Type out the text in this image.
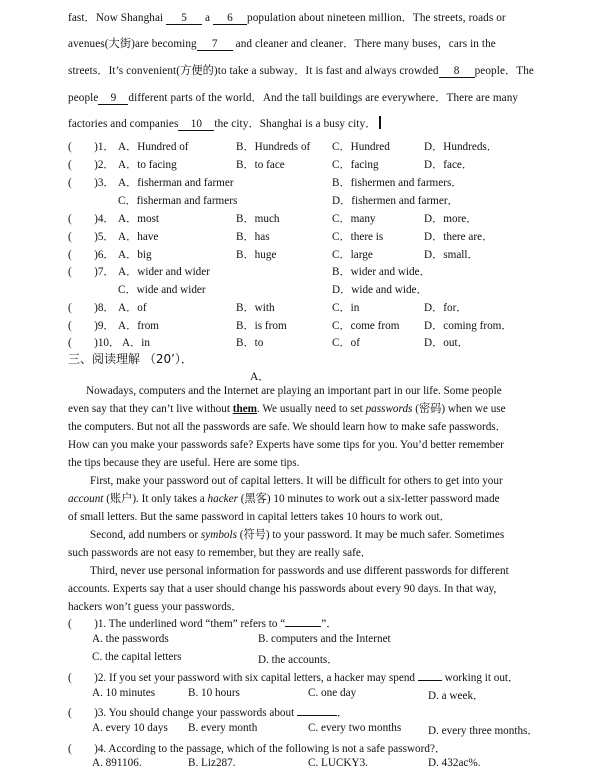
fast．Now Shanghai 5 a 6 population about nineteen million．The streets, roads or
avenues(大街)are becoming 7 and cleaner and cleaner．There many buses，cars in the
streets．It’s convenient(方便的)to take a subway．It is fast and always crowded 8 people．The
people 9 different parts of the world．And the tall buildings are everywhere．There are many
factories and companies 10 the city．Shanghai is a busy city．
(　　)1． A．Hundred of	B．Hundreds of C．Hundred	D．Hundreds．
(　　)2． A．to facing	B．to face	C．facing	D．face．
(　　)3． A．fisherman and farmer	B．fishermen and farmers．
C．fisherman and farmers	D．fishermen and farmer．
(　　)4． A．most	B．much	C．many	D．more．
(　　)5． A．have	B．has	C．there is	D．there are．
(　　)6． A．big	B．huge	C．large	D．small．
(　　)7． A．wider and wider	B．wider and wide．
C．wide and wider	D．wide and wide．
(　　)8． A．of	B．with	C．in	D．for．
(　　)9． A．from	B．is from	C．come from D．coming from．
(　　)10． A．in	B．to	C．of	D．out．
三、阅读理解 （20’）．
A．
Nowadays, computers and the Internet are playing an important part in our life. Some people
even say that they can’t live without them. We usually need to set passwords (密码) when we use
the computers. But not all the passwords are safe. We should learn how to make safe passwords．
How can you make your passwords safe? Experts have some tips for you. You’d better remember
the tips because they are useful. Here are some tips.
First, make your password out of capital letters. It will be difficult for others to get into your
account (账户). It only takes a hacker (黑客) 10 minutes to work out a six-letter password made
of small letters. But the same password in capital letters takes 10 hours to work out．
Second, add numbers or symbols (符号) to your password. It may be much safer. Sometimes
such passwords are not easy to remember, but they are really safe．
Third, never use personal information for passwords and use different passwords for different
accounts. Experts say that a user should change his passwords about every 90 days. In that way,
hackers won’t guess your passwords．
(　　)1. The underlined word “them” refers to “	”．
A. the passwords	B. computers and the Internet
C. the capital letters	D. the accounts．
(　　)2. If you set your password with six capital letters, a hacker may spend	working it out．
A. 10 minutes	B. 10 hours	C. one day	D. a week．
(　　)3. You should change your passwords about	．
A. every 10 days B. every month	C. every two months D. every three months．
(　　)4. According to the passage, which of the following is not a safe password?．
A. 891106.	B. Liz287.	C. LUCKY3.	D. 432ac%.
